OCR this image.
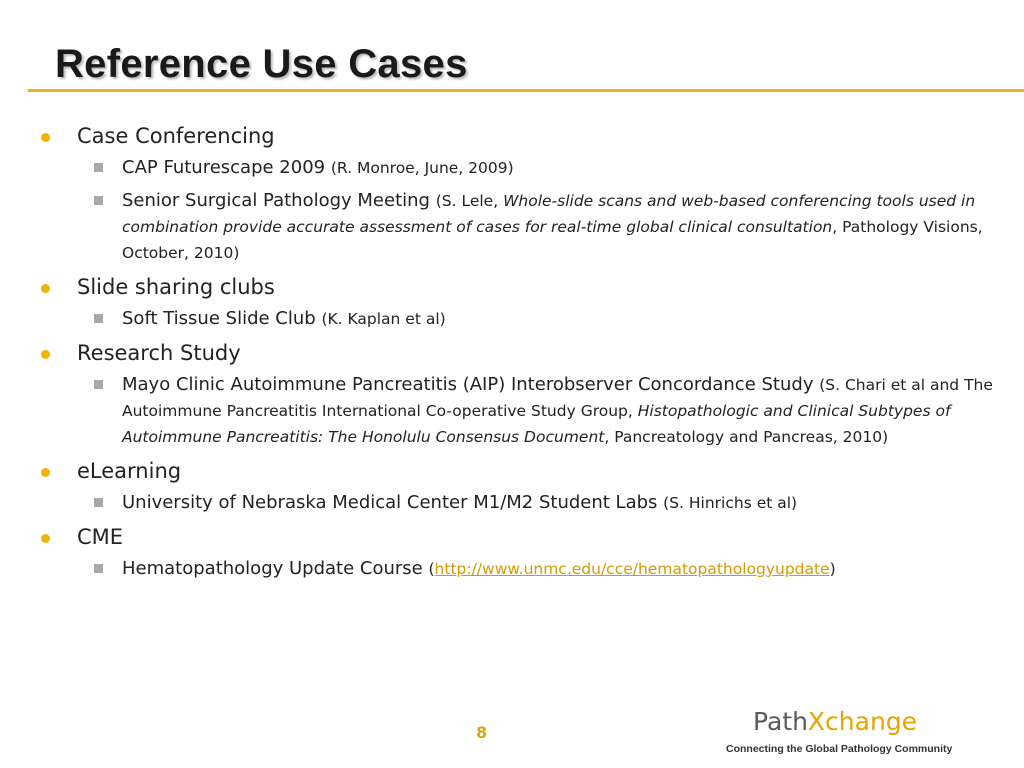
Reference Use Cases
Case Conferencing
CAP Futurescape 2009 (R. Monroe, June, 2009)
Senior Surgical Pathology Meeting (S. Lele, Whole-slide scans and web-based conferencing tools used in combination provide accurate assessment of cases for real-time global clinical consultation, Pathology Visions, October, 2010)
Slide sharing clubs
Soft Tissue Slide Club (K. Kaplan et al)
Research Study
Mayo Clinic Autoimmune Pancreatitis (AIP) Interobserver Concordance Study (S. Chari et al and The Autoimmune Pancreatitis International Co-operative Study Group, Histopathologic and Clinical Subtypes of Autoimmune Pancreatitis: The Honolulu Consensus Document, Pancreatology and Pancreas, 2010)
eLearning
University of Nebraska Medical Center M1/M2 Student Labs (S. Hinrichs et al)
CME
Hematopathology Update Course (http://www.unmc.edu/cce/hematopathologyupdate)
8	PathXchange
Connecting the Global Pathology Community
